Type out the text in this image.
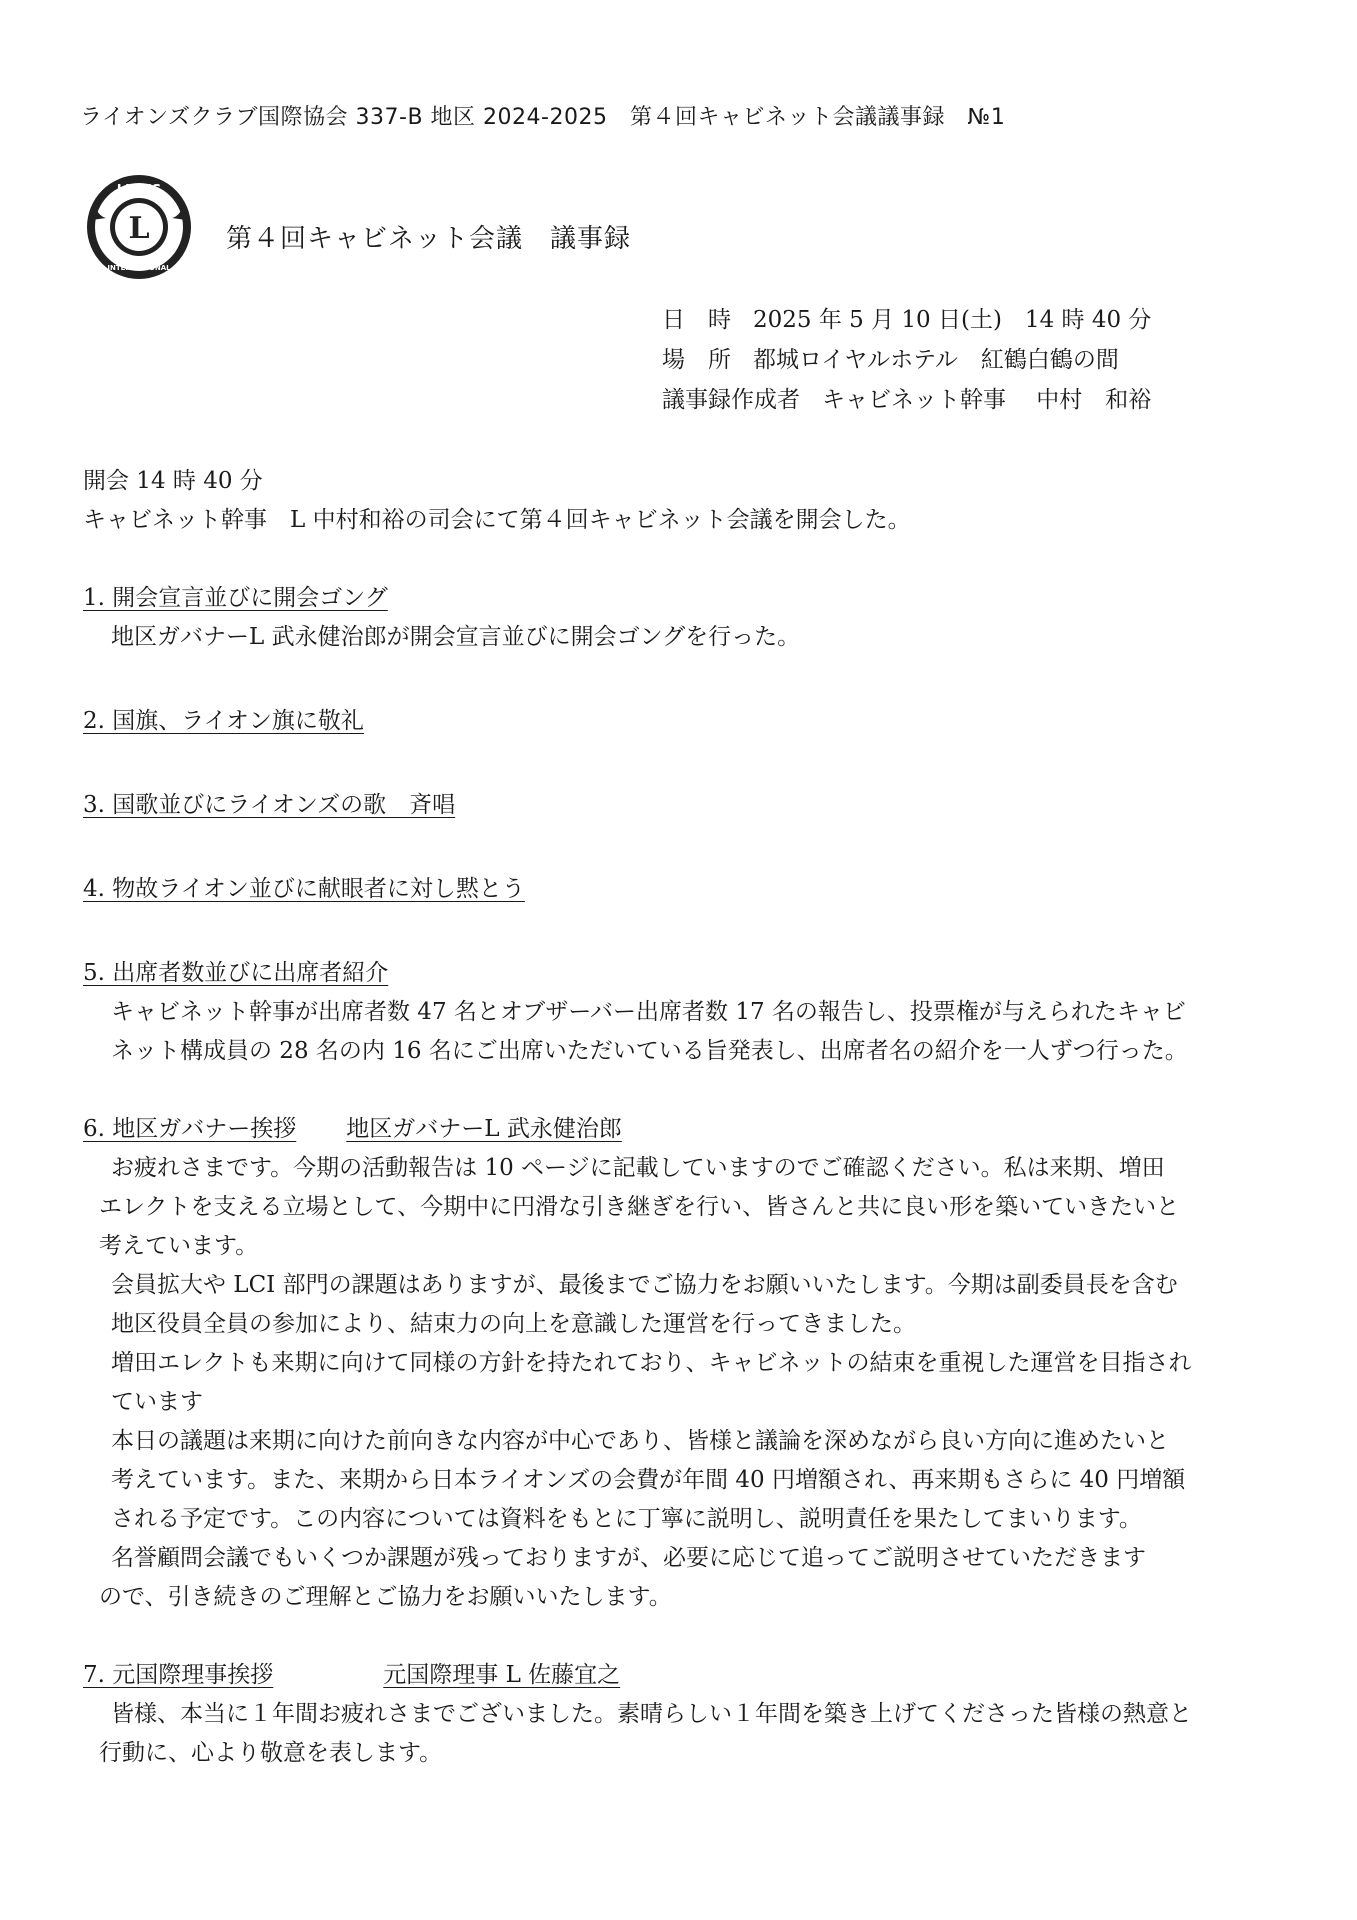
ライオンズクラブ国際協会 337-B 地区 2024-2025　第４回キャビネット会議議事録　№1
LIONS
INTERNATIONAL
L	第４回キャビネット会議　議事録
日　時 2025 年 5 月 10 日(土)　14 時 40 分
場　所 都城ロイヤルホテル　紅鶴白鶴の間
議事録作成者 キャビネット幹事　 中村　和裕

開会 14 時 40 分

キャビネット幹事　L 中村和裕の司会にて第４回キャビネット会議を開会した。

1. 開会宣言並びに開会ゴング

地区ガバナーL 武永健治郎が開会宣言並びに開会ゴングを行った。

2. 国旗、ライオン旗に敬礼

3. 国歌並びにライオンズの歌　斉唱

4. 物故ライオン並びに献眼者に対し黙とう

5. 出席者数並びに出席者紹介

キャビネット幹事が出席者数 47 名とオブザーバー出席者数 17 名の報告し、投票権が与えられたキャビ

ネット構成員の 28 名の内 16 名にご出席いただいている旨発表し、出席者名の紹介を一人ずつ行った。

6. 地区ガバナー挨拶 地区ガバナーL 武永健治郎

お疲れさまです。今期の活動報告は 10 ページに記載していますのでご確認ください。私は来期、増田

エレクトを支える立場として、今期中に円滑な引き継ぎを行い、皆さんと共に良い形を築いていきたいと

考えています。

会員拡大や LCI 部門の課題はありますが、最後までご協力をお願いいたします。今期は副委員長を含む

地区役員全員の参加により、結束力の向上を意識した運営を行ってきました。

増田エレクトも来期に向けて同様の方針を持たれており、キャビネットの結束を重視した運営を目指され

ています

本日の議題は来期に向けた前向きな内容が中心であり、皆様と議論を深めながら良い方向に進めたいと

考えています。また、来期から日本ライオンズの会費が年間 40 円増額され、再来期もさらに 40 円増額

される予定です。この内容については資料をもとに丁寧に説明し、説明責任を果たしてまいります。

名誉顧問会議でもいくつか課題が残っておりますが、必要に応じて追ってご説明させていただきます

ので、引き続きのご理解とご協力をお願いいたします。

7. 元国際理事挨拶	元国際理事 L 佐藤宜之

皆様、本当に１年間お疲れさまでございました。素晴らしい１年間を築き上げてくださった皆様の熱意と

行動に、心より敬意を表します。
